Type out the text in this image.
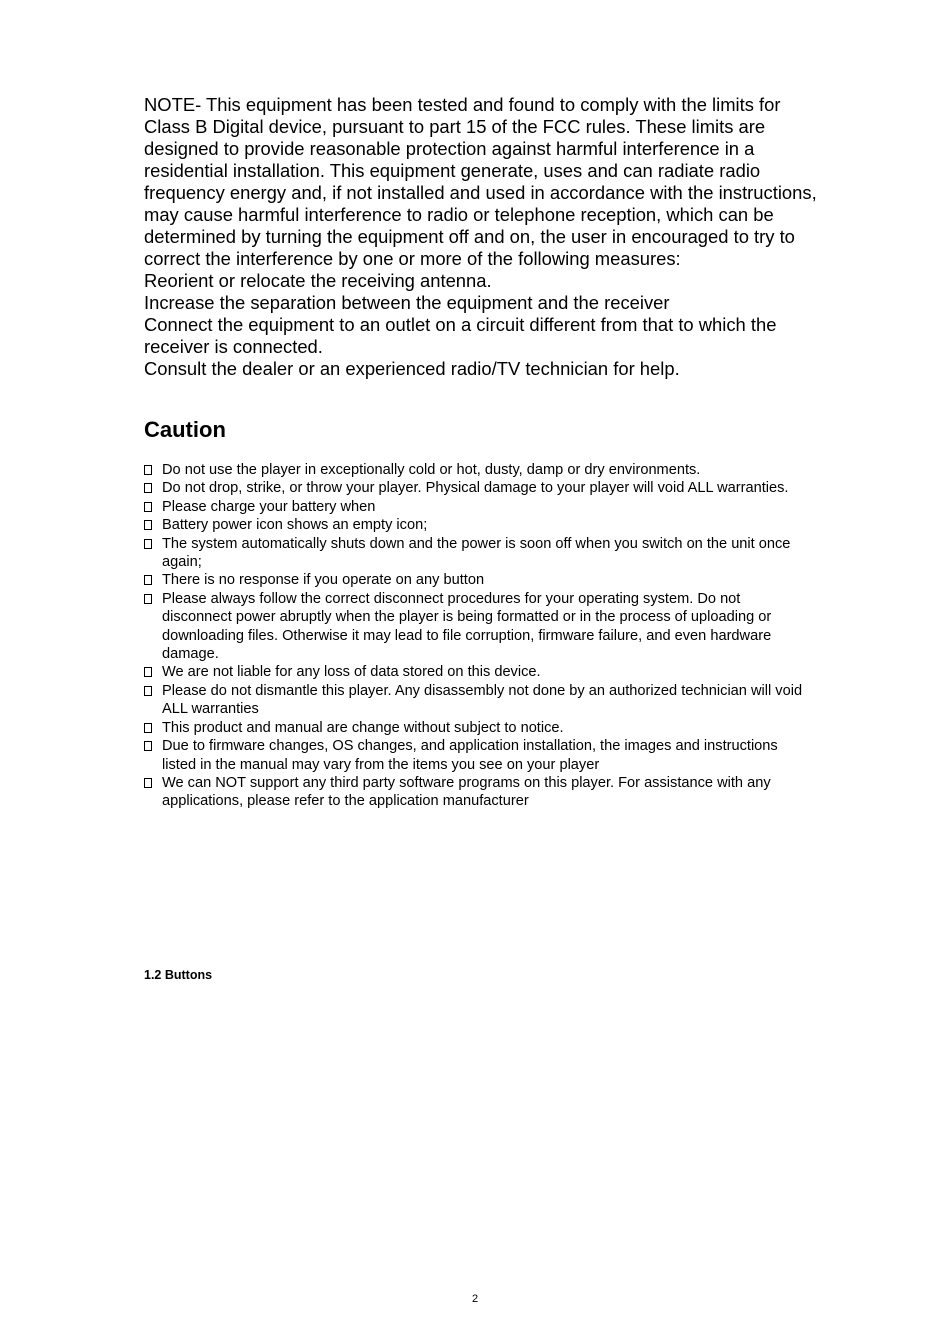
NOTE- This equipment has been tested and found to comply with the limits for Class B Digital device, pursuant to part 15 of the FCC rules. These limits are designed to provide reasonable protection against harmful interference in a residential installation. This equipment generate, uses and can radiate radio frequency energy and, if not installed and used in accordance with the instructions, may cause harmful interference to radio or telephone reception, which can be determined by turning the equipment off and on, the user in encouraged to try to correct the interference by one or more of the following measures:

Reorient or relocate the receiving antenna.

Increase the separation between the equipment and the receiver

Connect the equipment to an outlet on a circuit different from that to which the receiver is connected.

Consult the dealer or an experienced radio/TV technician for help.

Caution
Do not use the player in exceptionally cold or hot, dusty, damp or dry environments.
Do not drop, strike, or throw your player. Physical damage to your player will void ALL warranties.
Please charge your battery when
Battery power icon shows an empty icon;
The system automatically shuts down and the power is soon off when you switch on the unit once again;
There is no response if you operate on any button
Please always follow the correct disconnect procedures for your operating system. Do not disconnect power abruptly when the player is being formatted or in the process of uploading or downloading files. Otherwise it may lead to file corruption, firmware failure, and even hardware damage.
We are not liable for any loss of data stored on this device.
Please do not dismantle this player. Any disassembly not done by an authorized technician will void ALL warranties
This product and manual are change without subject to notice.
Due to firmware changes, OS changes, and application installation, the images and instructions listed in the manual may vary from the items you see on your player
We can NOT support any third party software programs on this player. For assistance with any applications, please refer to the application manufacturer
1.2 Buttons
2
